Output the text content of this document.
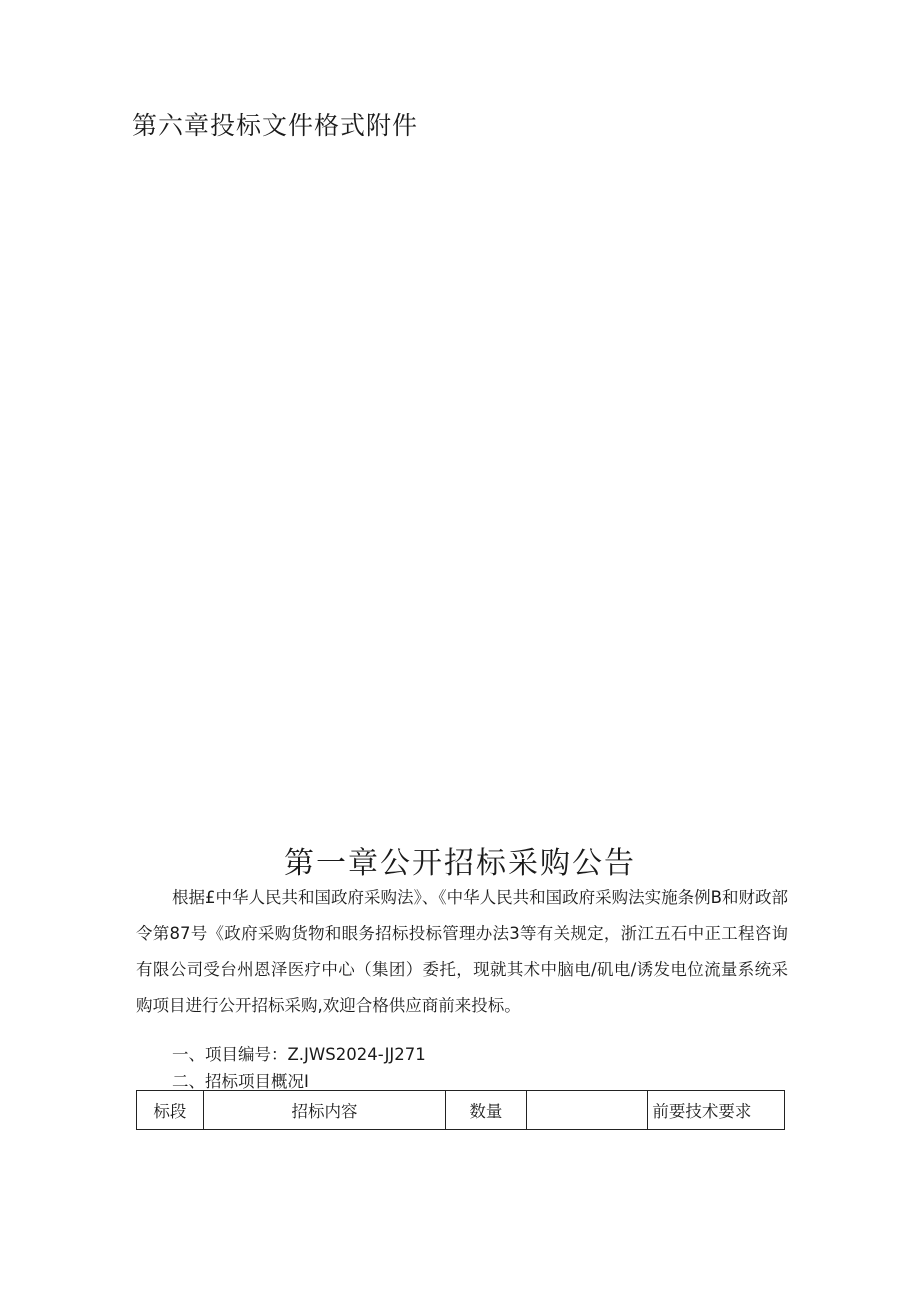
第六章投标文件格式附件
第一章公开招标采购公告

根据£中华人民共和国政府采购法》、《中华人民共和国政府采购法实施条例B和财政部令第87号《政府采购货物和眼务招标投标管理办法3等有关规定，浙江五石中正工程咨询有限公司受台州恩泽医疗中心（集团）委托，现就其术中脑电/矶电/诱发电位流量系统采购项目进行公开招标采购,欢迎合格供应商前来投标。

一、项目编号：Z.JWS2024-JJ271
二、招标项目概况I
标段	招标内容	数量		前要技术要求
